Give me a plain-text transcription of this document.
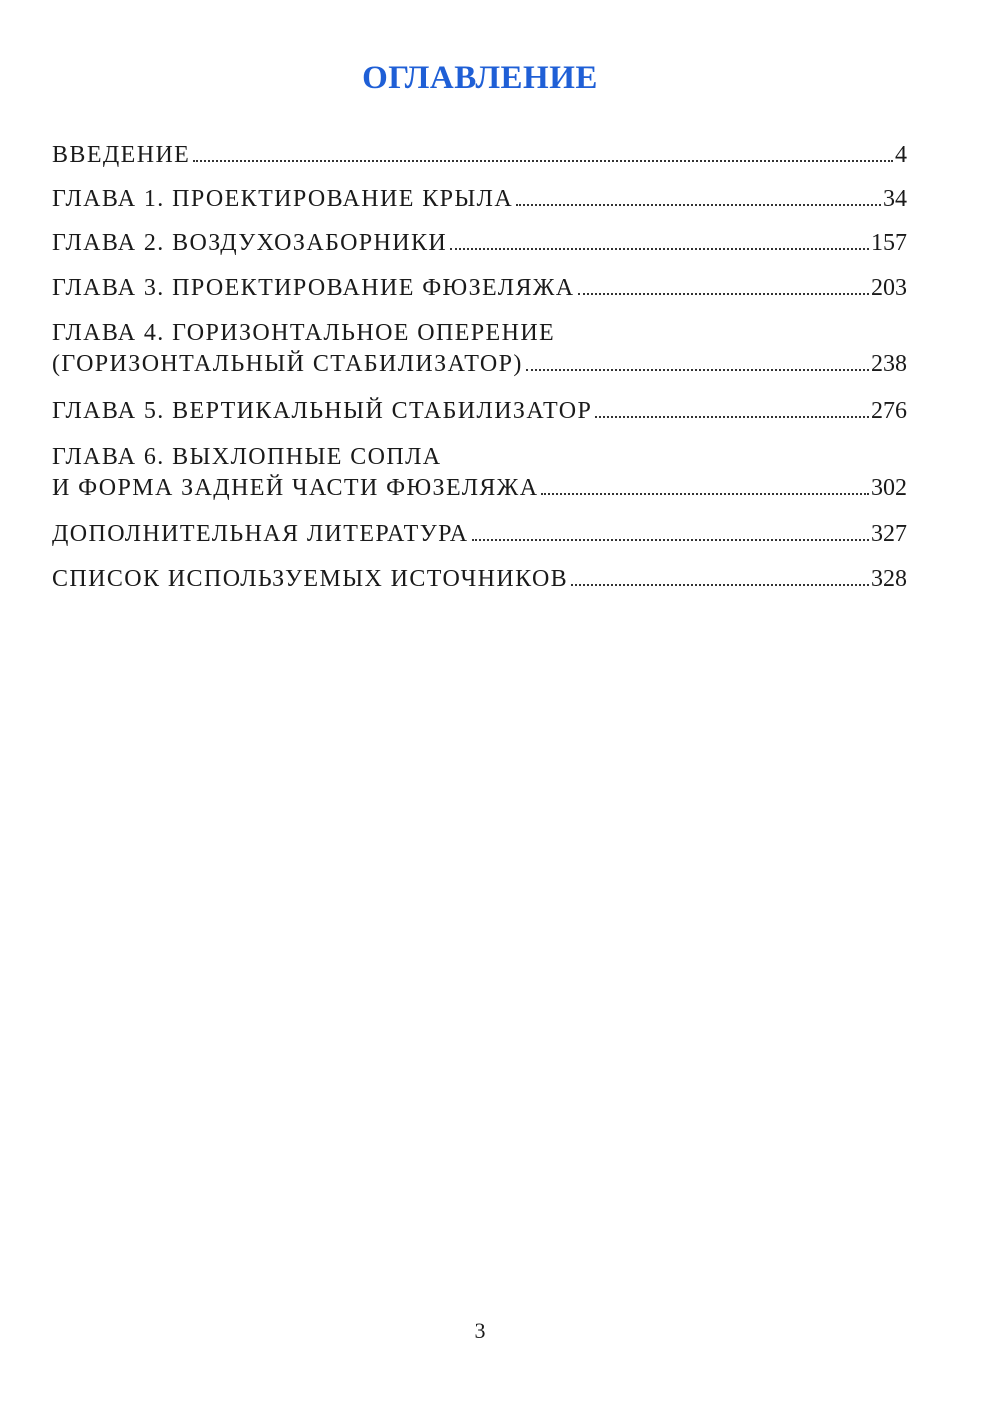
ОГЛАВЛЕНИЕ
ВВЕДЕНИЕ	4
ГЛАВА 1. ПРОЕКТИРОВАНИЕ КРЫЛА	34
ГЛАВА 2. ВОЗДУХОЗАБОРНИКИ	157
ГЛАВА 3. ПРОЕКТИРОВАНИЕ ФЮЗЕЛЯЖА	203
ГЛАВА 4. ГОРИЗОНТАЛЬНОЕ ОПЕРЕНИЕ
(ГОРИЗОНТАЛЬНЫЙ СТАБИЛИЗАТОР)	238
ГЛАВА 5. ВЕРТИКАЛЬНЫЙ СТАБИЛИЗАТОР	276
ГЛАВА 6. ВЫХЛОПНЫЕ СОПЛА
И ФОРМА ЗАДНЕЙ ЧАСТИ ФЮЗЕЛЯЖА	302
ДОПОЛНИТЕЛЬНАЯ ЛИТЕРАТУРА	327
СПИСОК ИСПОЛЬЗУЕМЫХ ИСТОЧНИКОВ	328
3
